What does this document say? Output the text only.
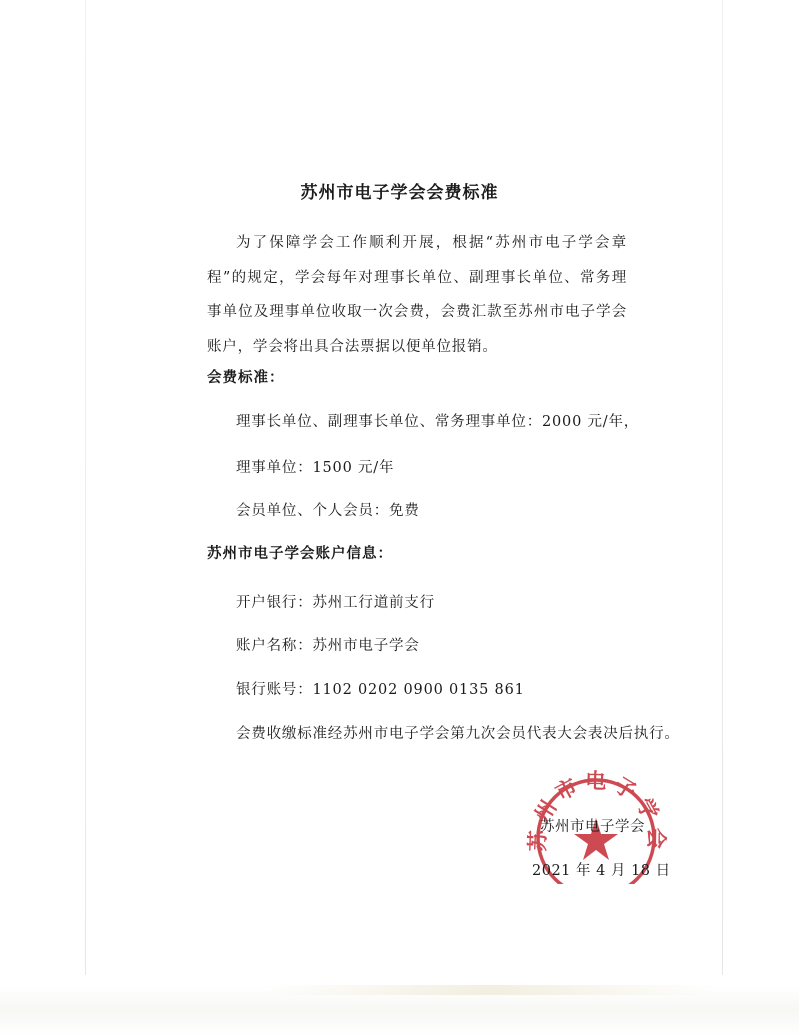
苏州市电子学会会费标准
为了保障学会工作顺利开展，根据“苏州市电子学会章程”的规定，学会每年对理事长单位、副理事长单位、常务理事单位及理事单位收取一次会费，会费汇款至苏州市电子学会账户，学会将出具合法票据以便单位报销。
会费标准：
理事长单位、副理事长单位、常务理事单位：2000 元/年，
理事单位：1500 元/年
会员单位、个人会员：免费
苏州市电子学会账户信息：
开户银行：苏州工行道前支行
账户名称：苏州市电子学会
银行账号：1102 0202 0900 0135 861
会费收缴标准经苏州市电子学会第九次会员代表大会表决后执行。
苏州市电子学会
苏州市电子学会
2021 年 4 月 18 日
